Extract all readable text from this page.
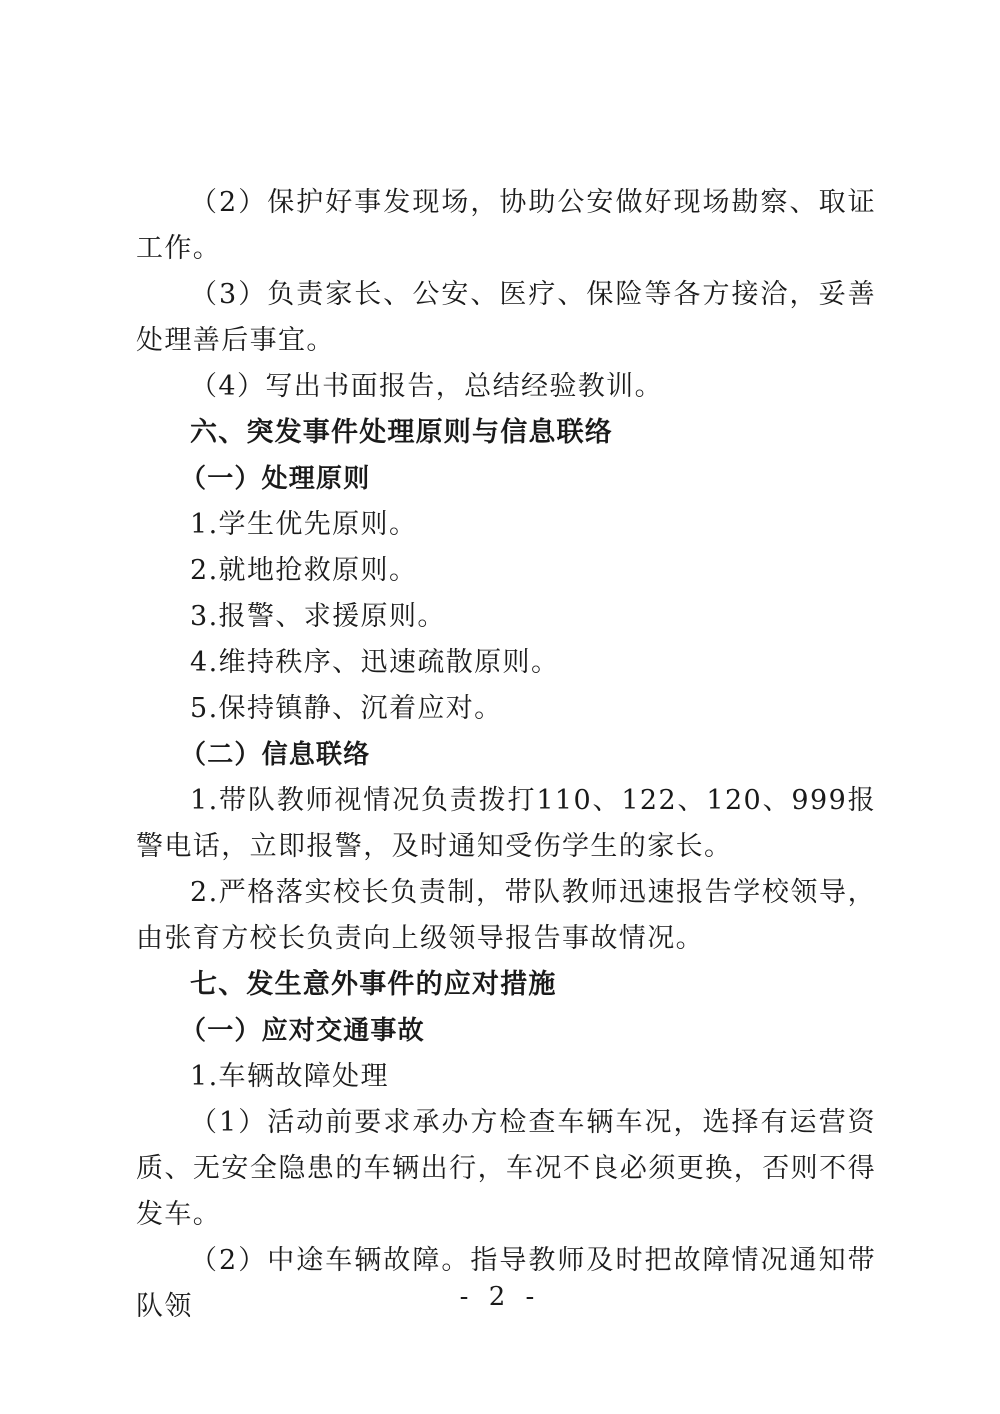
（2）保护好事发现场，协助公安做好现场勘察、取证工作。

（3）负责家长、公安、医疗、保险等各方接洽，妥善处理善后事宜。

（4）写出书面报告，总结经验教训。

六、突发事件处理原则与信息联络

（一）处理原则

1.学生优先原则。

2.就地抢救原则。

3.报警、求援原则。

4.维持秩序、迅速疏散原则。

5.保持镇静、沉着应对。

（二）信息联络

1.带队教师视情况负责拨打110、122、120、999报警电话，立即报警，及时通知受伤学生的家长。

2.严格落实校长负责制，带队教师迅速报告学校领导，由张育方校长负责向上级领导报告事故情况。

七、发生意外事件的应对措施

（一）应对交通事故

1.车辆故障处理

（1）活动前要求承办方检查车辆车况，选择有运营资质、无安全隐患的车辆出行，车况不良必须更换，否则不得发车。

（2）中途车辆故障。指导教师及时把故障情况通知带队领	- 2 -
